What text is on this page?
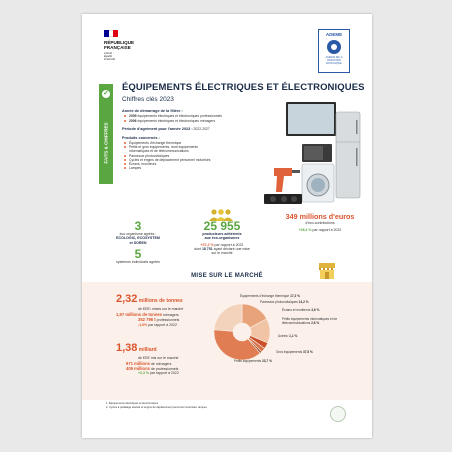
RÉPUBLIQUE
FRANÇAISE
Liberté
Égalité
Fraternité
ADEME
AGENCE DE LA
TRANSITION
ÉCOLOGIQUE
✓
FAITS & CHIFFRES
ÉQUIPEMENTS ÉLECTRIQUES ET ÉLECTRONIQUES
Chiffres clés 2023
Année de démarrage de la filière :
2005 équipements électriques et électroniques professionnels
2006 équipements électriques et électroniques ménagers
Période d'agrément pour l'année 2023 : 2022-2027
Produits concernés :
Équipements d'échange thermique
Petits et gros équipements, dont équipements
informatiques et de télécommunications
Panneaux photovoltaïques
Cycles et engins de déplacement personnel motorisés
Écrans, moniteurs
Lampes
3
éco-organisme agréés :
ECOLOGIC, ECOSYSTEM
et SOREN
5
systèmes individuels agréés
25 955
producteurs adhérents
aux éco-organismes
+27,2 % par rapport à 2022
dont 18 751 ayant déclaré une mise
sur le marché
349 millions d'euros
d'éco-contributions
+26,4 % par rapport à 2022
MISE SUR LE MARCHÉ
2,32 millions de tonnes
de EEE¹ mises sur le marché
1,97 millions de tonnes ménagers
352 796 t professionnels
-1,0% par rapport à 2022
1,38 milliard
de EEE mis sur le marché
971 millions de ménagers
409 millions de professionnels
+2,3 % par rapport à 2022
Équipements d'échange thermique 17,2 %
Panneaux photovoltaïques 14,2 %
Écrans et moniteurs 3,6 %
Petits équipements informatiques et de télécommunications 2,6 %
Autres² 1,1 %
Gros équipements 37,5 %
Petits équipements 23,7 %
1. Équipements électriques et électroniques
2. Cycles à pédalage assisté et engins de déplacement personnel motorisés, lampes
